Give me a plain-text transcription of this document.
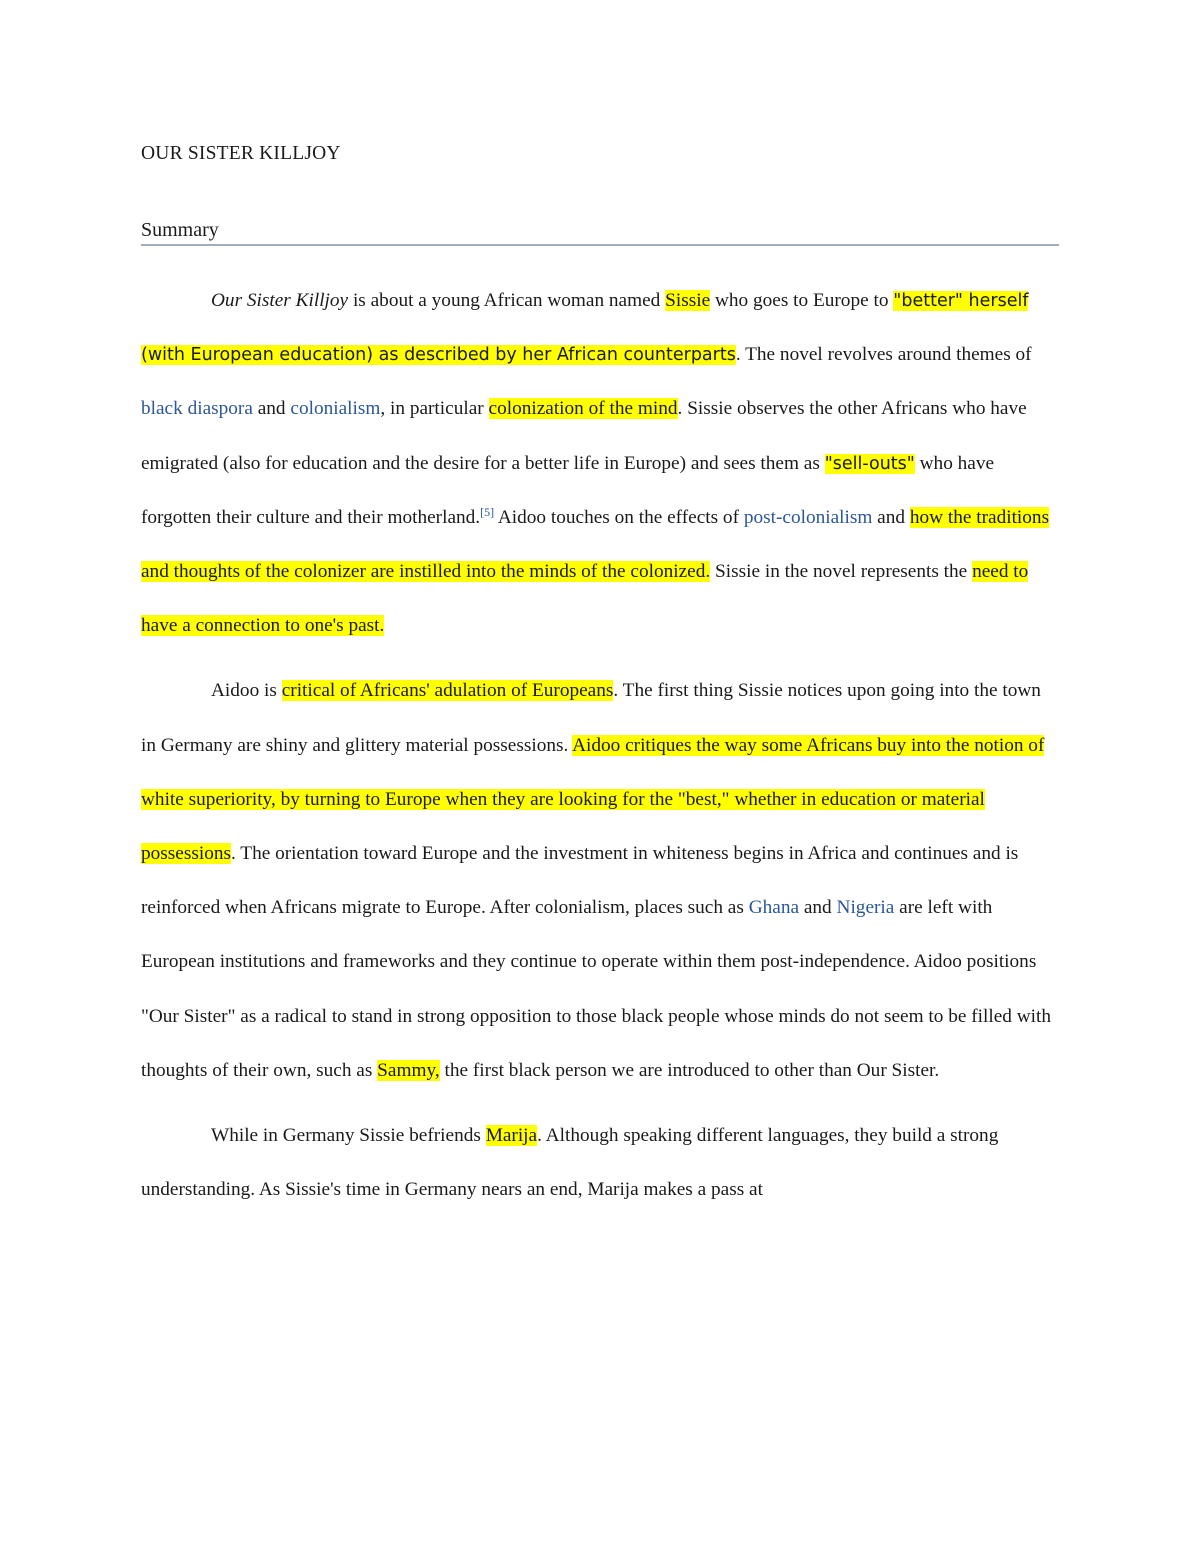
OUR SISTER KILLJOY
Summary

Our Sister Killjoy is about a young African woman named Sissie who goes to Europe to "better" herself (with European education) as described by her African counterparts. The novel revolves around themes of black diaspora and colonialism, in particular colonization of the mind. Sissie observes the other Africans who have emigrated (also for education and the desire for a better life in Europe) and sees them as "sell-outs" who have forgotten their culture and their motherland.[5] Aidoo touches on the effects of post-colonialism and how the traditions and thoughts of the colonizer are instilled into the minds of the colonized. Sissie in the novel represents the need to have a connection to one's past.

Aidoo is critical of Africans' adulation of Europeans. The first thing Sissie notices upon going into the town in Germany are shiny and glittery material possessions. Aidoo critiques the way some Africans buy into the notion of white superiority, by turning to Europe when they are looking for the "best," whether in education or material possessions. The orientation toward Europe and the investment in whiteness begins in Africa and continues and is reinforced when Africans migrate to Europe. After colonialism, places such as Ghana and Nigeria are left with European institutions and frameworks and they continue to operate within them post-independence. Aidoo positions "Our Sister" as a radical to stand in strong opposition to those black people whose minds do not seem to be filled with thoughts of their own, such as Sammy, the first black person we are introduced to other than Our Sister.

While in Germany Sissie befriends Marija. Although speaking different languages, they build a strong understanding. As Sissie's time in Germany nears an end, Marija makes a pass at
